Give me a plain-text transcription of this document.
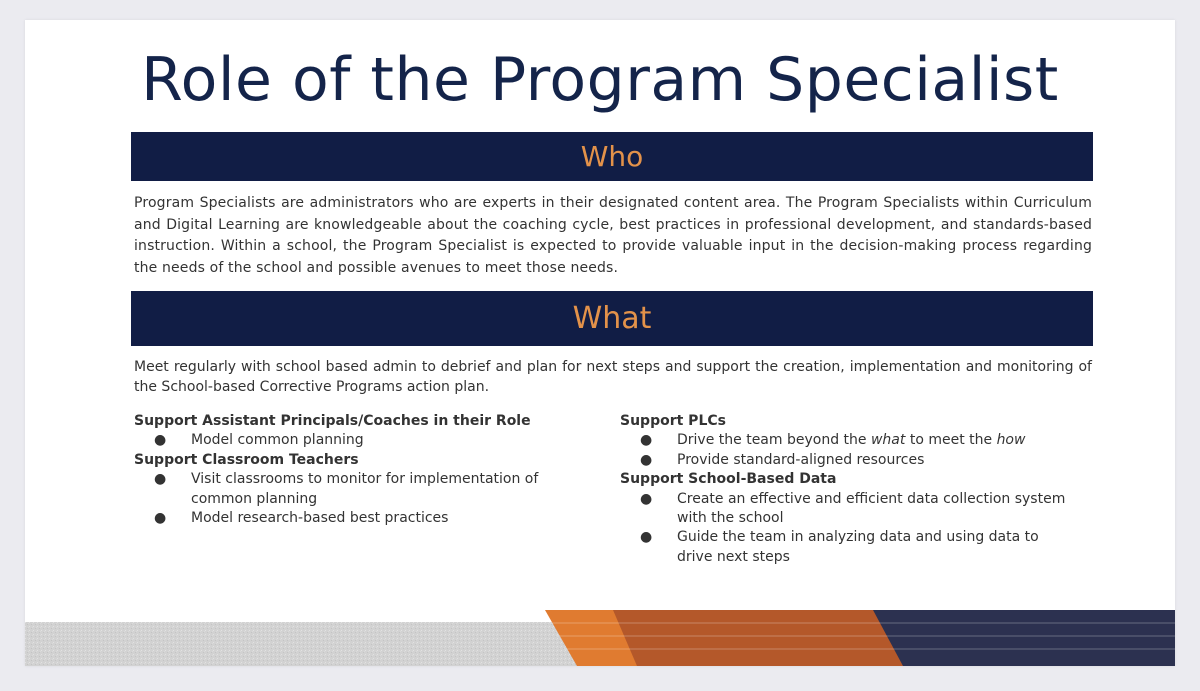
Role of the Program Specialist
Who
Program Specialists are administrators who are experts in their designated content area. The Program Specialists within Curriculum and Digital Learning are knowledgeable about the coaching cycle, best practices in professional development, and standards-based instruction. Within a school, the Program Specialist is expected to provide valuable input in the decision-making process regarding the needs of the school and possible avenues to meet those needs.
What
Meet regularly with school based admin to debrief and plan for next steps and support the creation, implementation and monitoring of the School-based Corrective Programs action plan.
Support Assistant Principals/Coaches in their Role
● Model common planning
Support Classroom Teachers
● Visit classrooms to monitor for implementation of common planning
● Model research-based best practices
Support PLCs
● Drive the team beyond the what to meet the how
● Provide standard-aligned resources
Support School-Based Data
● Create an effective and efficient data collection system with the school
● Guide the team in analyzing data and using data to drive next steps
